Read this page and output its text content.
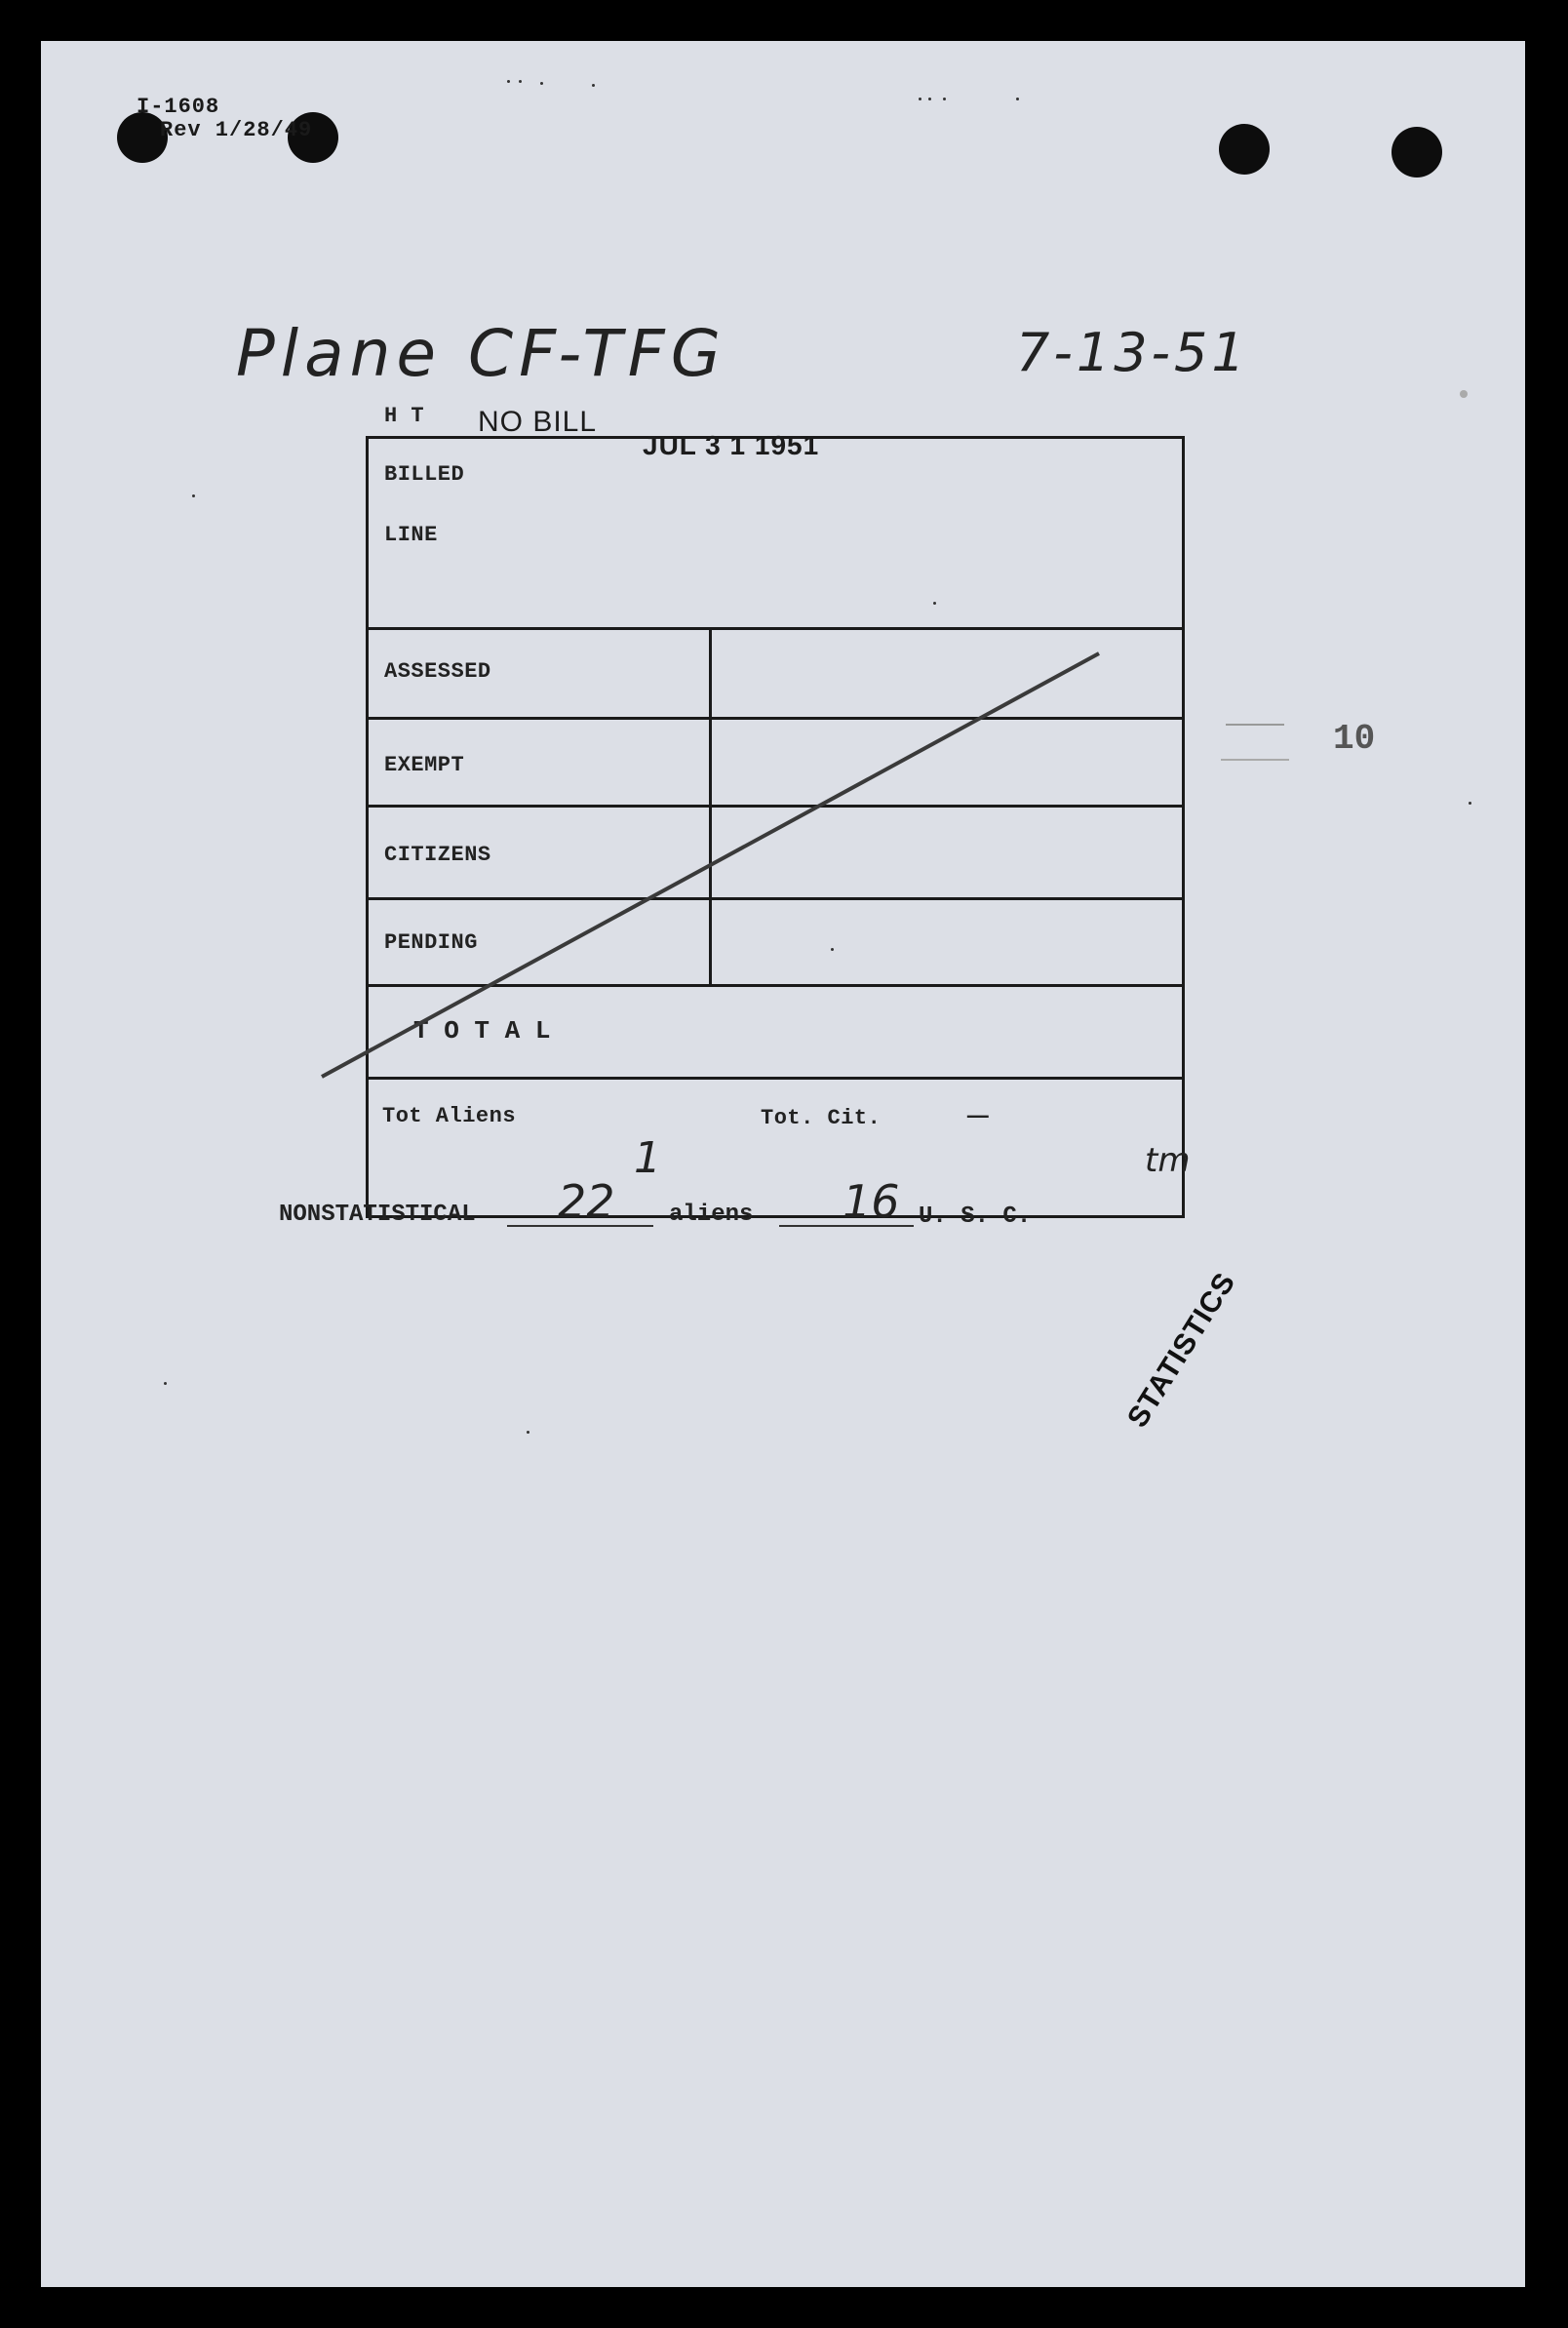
I-1608
Rev 1/28/49
Plane CF-TFG	7-13-51
10
H T
BILLED
LINE
NO BILL
JUL 3 1 1951
ASSESSED
EXEMPT
CITIZENS
PENDING
T O T A L
Tot Aliens	Tot. Cit. —
1	tm
NONSTATISTICAL 22 aliens 16 U. S. C.
STATISTICS
